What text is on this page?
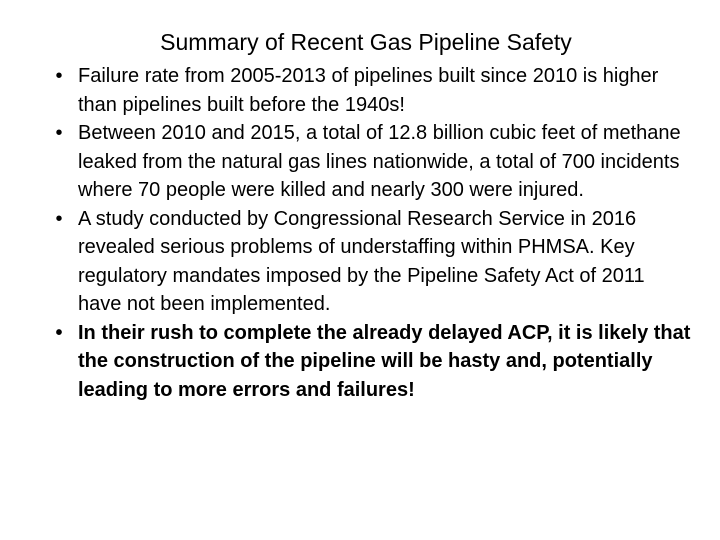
Summary of Recent Gas Pipeline Safety
• Failure rate from 2005-2013 of pipelines built since 2010 is higher than pipelines built before the 1940s!
• Between 2010 and 2015, a total of 12.8 billion cubic feet of methane leaked from the natural gas lines nationwide, a total of 700 incidents where 70 people were killed and nearly 300 were injured.
• A study conducted by Congressional Research Service in 2016 revealed serious problems of understaffing within PHMSA. Key regulatory mandates imposed by the Pipeline Safety Act of 2011 have not been implemented.
• In their rush to complete the already delayed ACP, it is likely that the construction of the pipeline will be hasty and, potentially leading to more errors and failures!
